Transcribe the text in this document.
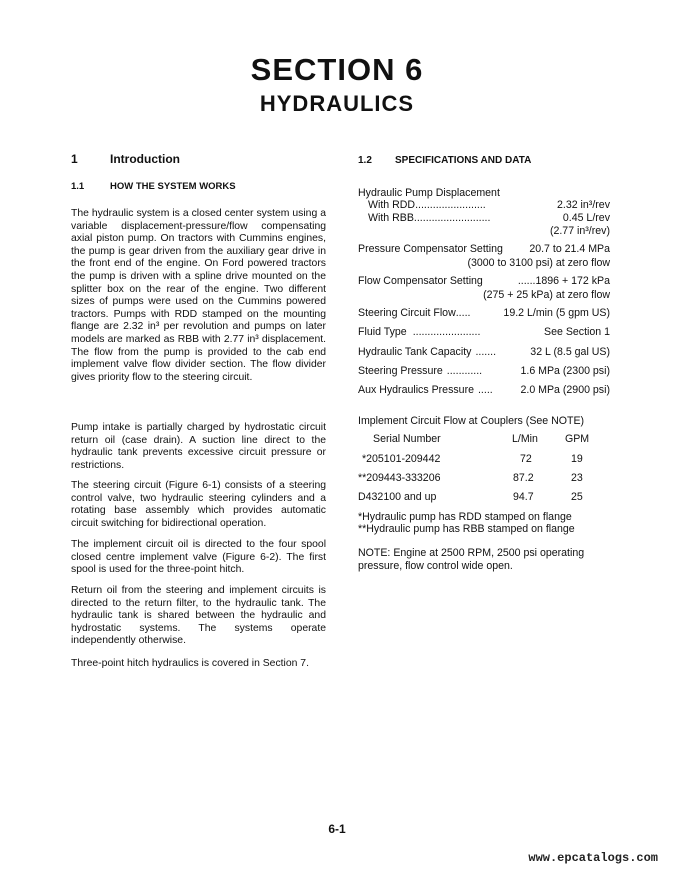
SECTION 6
HYDRAULICS
1	Introduction
1.1	HOW THE SYSTEM WORKS

The hydraulic system is a closed center system using a variable displacement-pressure/flow compensating axial piston pump. On tractors with Cummins engines, the pump is gear driven from the auxiliary gear drive in the front end of the engine. On Ford powered tractors the pump is driven with a spline drive mounted on the splitter box on the rear of the engine. Two different sizes of pumps were used on the Cummins powered tractors. Pumps with RDD stamped on the mounting flange are 2.32 in³ per revolution and pumps on later models are marked as RBB with 2.77 in³ displacement. The flow from the pump is provided to the cab end implement valve flow divider section. The flow divider gives priority flow to the steering circuit.

Pump intake is partially charged by hydrostatic circuit return oil (case drain). A suction line direct to the hydraulic tank prevents excessive circuit pressure or restrictions.

The steering circuit (Figure 6-1) consists of a steering control valve, two hydraulic steering cylinders and a rotating base assembly which provides automatic circuit switching for bidirectional operation.

The implement circuit oil is directed to the four spool closed centre implement valve (Figure 6-2). The first spool is used for the three-point hitch.

Return oil from the steering and implement circuits is directed to the return filter, to the hydraulic tank. The hydraulic tank is shared between the hydraulic and hydrostatic systems. The systems operate independently otherwise.

Three-point hitch hydraulics is covered in Section 7.

1.2 SPECIFICATIONS AND DATA
Hydraulic Pump Displacement
With RDD ........................	2.32 in³/rev
With RBB ..........................	0.45 L/rev
(2.77 in³/rev)
Pressure Compensator Setting 20.7 to 21.4 MPa
(3000 to 3100 psi) at zero flow
Flow Compensator Setting	...... 1896 + 172 kPa
(275 + 25 kPa) at zero flow
Steering Circuit Flow .....	19.2 L/min (5 gpm US)
Fluid Type .......................	See Section 1
Hydraulic Tank Capacity .......	32 L (8.5 gal US)
Steering Pressure ............	1.6 MPa (2300 psi)
Aux Hydraulics Pressure .....	2.0 MPa (2900 psi)
Implement Circuit Flow at Couplers (See NOTE)
Serial Number	L/Min	GPM
*205101-209442	72	19
**209443-333206	87.2	23
D432100 and up	94.7	25
*Hydraulic pump has RDD stamped on flange
**Hydraulic pump has RBB stamped on flange
NOTE: Engine at 2500 RPM, 2500 psi operating
pressure, flow control wide open.
6-1
www.epcatalogs.com
